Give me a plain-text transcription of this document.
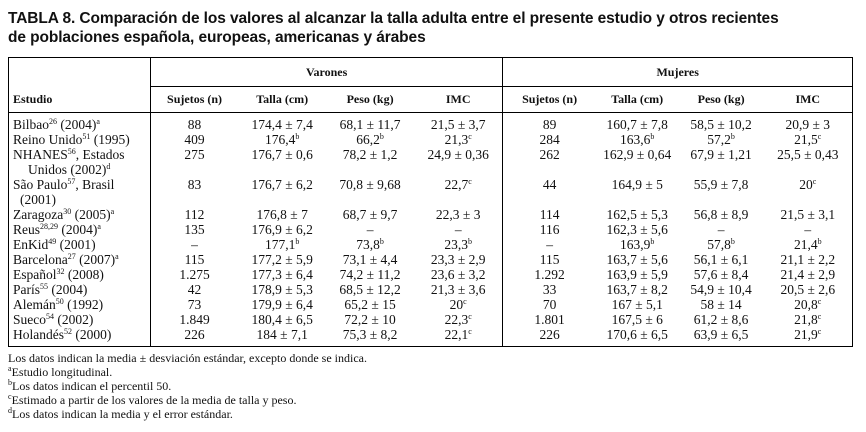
TABLA 8. Comparación de los valores al alcanzar la talla adulta entre el presente estudio y otros recientes
de poblaciones española, europeas, americanas y árabes
	Varones				Mujeres			
Estudio	Sujetos (n)	Talla (cm)	Peso (kg)	IMC	Sujetos (n)	Talla (cm)	Peso (kg)	IMC
Bilbao$^{26}$ $(2004)^a$	88	174,4 ± 7,4	68,1 ± 11,7	21,5 ± 3,7	89	160,7 ± 7,8	58,5 ± 10,2	20,9 ± 3
Reino Unido$^{51}$ (1995)	409	176,4$^b$	66,2$^b$	21,3$^c$	284	163,6$^b$	57,2$^b$	21,5$^c$
NHANES$^{56}$, Estados
Unidos $(2002)^d$	275	176,7 ± 0,6	78,2 ± 1,2	24,9 ± 0,36	262	162,9 ± 0,64	67,9 ± 1,21	25,5 ± 0,43
São Paulo$^{57}$, Brasil
(2001)	83	176,7 ± 6,2	70,8 ± 9,68	22,7$^c$	44	164,9 ± 5	55,9 ± 7,8	20$^c$
Zaragoza$^{30}$ $(2005)^a$	112	176,8 ± 7	68,7 ± 9,7	22,3 ± 3	114	162,5 ± 5,3	56,8 ± 8,9	21,5 ± 3,1
Reus$^{28,29}$ $(2004)^a$	135	176,9 ± 6,2	–	–	116	162,3 ± 5,6	–	–
EnKid$^{49}$ (2001)	–	177,1$^b$	73,8$^b$	23,3$^b$	–	163,9$^b$	57,8$^b$	21,4$^b$
Barcelona$^{27}$ $(2007)^a$	115	177,2 ± 5,9	73,1 ± 4,4	23,3 ± 2,9	115	163,7 ± 5,6	56,1 ± 6,1	21,1 ± 2,2
Español$^{32}$ (2008)	1.275	177,3 ± 6,4	74,2 ± 11,2	23,6 ± 3,2	1.292	163,9 ± 5,9	57,6 ± 8,4	21,4 ± 2,9
París$^{55}$ (2004)	42	178,9 ± 5,3	68,5 ± 12,2	21,3 ± 3,6	33	163,7 ± 8,2	54,9 ± 10,4	20,5 ± 2,6
Alemán$^{50}$ (1992)	73	179,9 ± 6,4	65,2 ± 15	20$^c$	70	167 ± 5,1	58 ± 14	20,8$^c$
Sueco$^{54}$ (2002)	1.849	180,4 ± 6,5	72,2 ± 10	22,3$^c$	1.801	167,5 ± 6	61,2 ± 8,6	21,8$^c$
Holandés$^{52}$ (2000)	226	184 ± 7,1	75,3 ± 8,2	22,1$^c$	226	170,6 ± 6,5	63,9 ± 6,5	21,9$^c$
Los datos indican la media ± desviación estándar, excepto donde se indica.
$^a$Estudio longitudinal.
$^b$Los datos indican el percentil 50.
$^c$Estimado a partir de los valores de la media de talla y peso.
$^d$Los datos indican la media y el error estándar.
